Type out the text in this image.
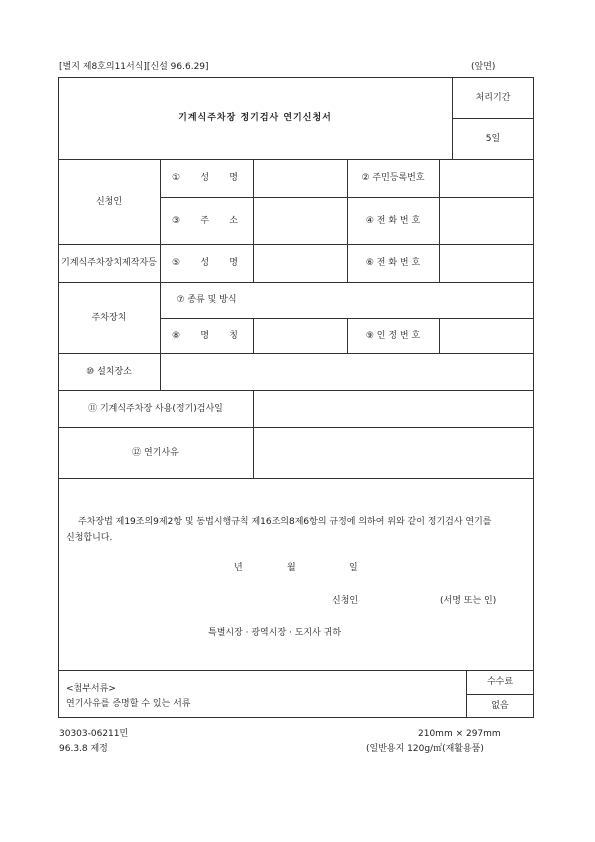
[별지 제8호의11서식][신설 96.6.29]	(앞면)
기계식주차장 정기검사 연기신청서
처리기간
5일
신청인
① 성 명	② 주민등록번호
③ 주 소	④ 전 화 번 호
기계식주차장치제작자등 ⑤ 성 명	⑥ 전 화 번 호
주차장치
⑦ 종류 및 방식
⑧ 명 칭	⑨ 인 정 번 호
⑩ 설치장소
⑪ 기계식주차장 사용(정기)검사일
⑫ 연기사유
주차장법 제19조의9제2항 및 동법시행규칙 제16조의8제6항의 규정에 의하여 위와 같이 정기검사 연기를 신청합니다.
년	월	일
신청인	(서명 또는 인)
특별시장 · 광역시장 · 도지사 귀하
<첨부서류>
연기사유를 증명할 수 있는 서류
수수료
없음
30303-06211민
96.3.8 제정
210mm × 297mm
(일반용지 120g/㎡(재활용품)
